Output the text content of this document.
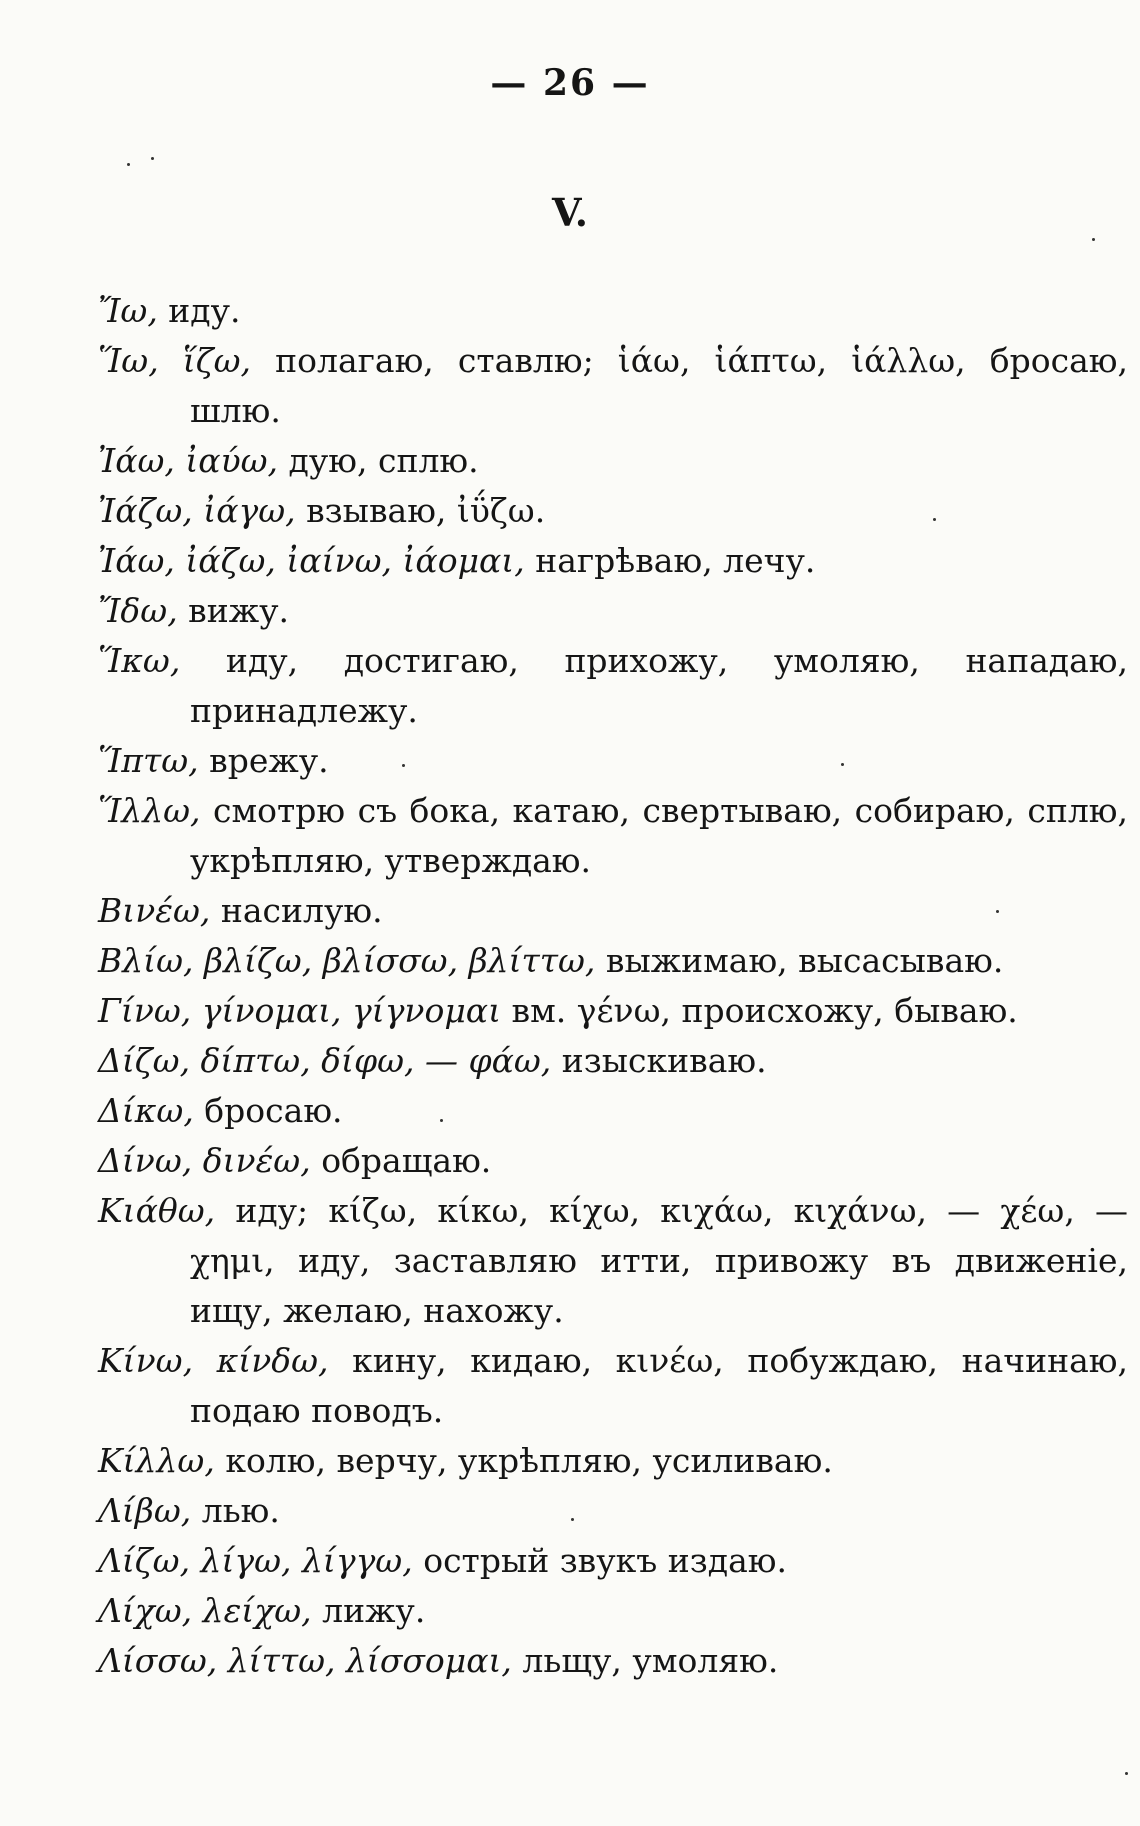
— 26 —
V.

Ἴω, иду.

Ἵω, ἵζω, полагаю, ставлю; ἱάω, ἱάπτω, ἱάλλω, бросаю, шлю.

Ἰάω, ἰαύω, дую, сплю.

Ἰάζω, ἰάγω, взываю, ἰΰζω.

Ἰάω, ἰάζω, ἰαίνω, ἰάομαι, нагрѣваю, лечу.

Ἴδω, вижу.

Ἵκω, иду, достигаю, прихожу, умоляю, нападаю, принадлежу.

Ἵπτω, врежу.

Ἵλλω, смотрю съ бока, катаю, свертываю, собираю, сплю, укрѣпляю, утверждаю.

Βινέω, насилую.

Βλίω, βλίζω, βλίσσω, βλίττω, выжимаю, высасываю.

Γίνω, γίνομαι, γίγνομαι вм. γένω, происхожу, бываю.

Δίζω, δίπτω, δίφω, — φάω, изыскиваю.

Δίκω, бросаю.

Δίνω, δινέω, обращаю.

Κιάθω, иду; κίζω, κίκω, κίχω, κιχάω, κιχάνω, — χέω, — χημι, иду, заставляю итти, привожу въ движеніе, ищу, желаю, нахожу.

Κίνω, κίνδω, кину, кидаю, κινέω, побуждаю, начинаю, подаю поводъ.

Κίλλω, колю, верчу, укрѣпляю, усиливаю.

Λίβω, лью.

Λίζω, λίγω, λίγγω, острый звукъ издаю.

Λίχω, λείχω, лижу.

Λίσσω, λίττω, λίσσομαι, льщу, умоляю.
